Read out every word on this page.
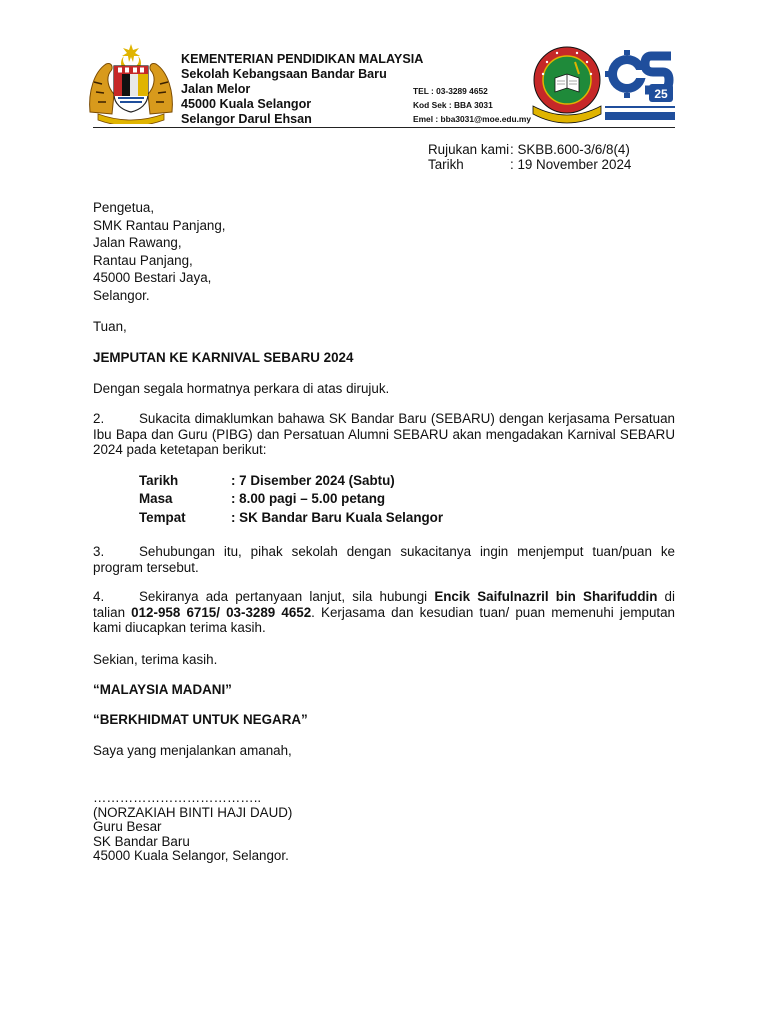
KEMENTERIAN PENDIDIKAN MALAYSIA
Sekolah Kebangsaan Bandar Baru
Jalan Melor
45000 Kuala Selangor
Selangor Darul Ehsan
TEL : 03-3289 4652
Kod Sek : BBA 3031
Emel : bba3031@moe.edu.my
25
Rujukan kami: SKBB.600-3/6/8(4)
Tarikh	: 19 November 2024
Pengetua,
SMK Rantau Panjang,
Jalan Rawang,
Rantau Panjang,
45000 Bestari Jaya,
Selangor.
Tuan,
JEMPUTAN KE KARNIVAL SEBARU 2024
Dengan segala hormatnya perkara di atas dirujuk.
2.	Sukacita dimaklumkan bahawa SK Bandar Baru (SEBARU) dengan kerjasama Persatuan Ibu Bapa dan Guru (PIBG) dan Persatuan Alumni SEBARU akan mengadakan Karnival SEBARU 2024 pada ketetapan berikut:
Tarikh	: 7 Disember 2024 (Sabtu)
Masa	: 8.00 pagi – 5.00 petang
Tempat	: SK Bandar Baru Kuala Selangor
3.	Sehubungan itu, pihak sekolah dengan sukacitanya ingin menjemput tuan/puan ke program tersebut.
4.	Sekiranya ada pertanyaan lanjut, sila hubungi Encik Saifulnazril bin Sharifuddin di talian 012-958 6715/ 03-3289 4652. Kerjasama dan kesudian tuan/ puan memenuhi jemputan kami diucapkan terima kasih.
Sekian, terima kasih.
“MALAYSIA MADANI”
“BERKHIDMAT UNTUK NEGARA”
Saya yang menjalankan amanah,
………………………………..
(NORZAKIAH BINTI HAJI DAUD)
Guru Besar
SK Bandar Baru
45000 Kuala Selangor, Selangor.
